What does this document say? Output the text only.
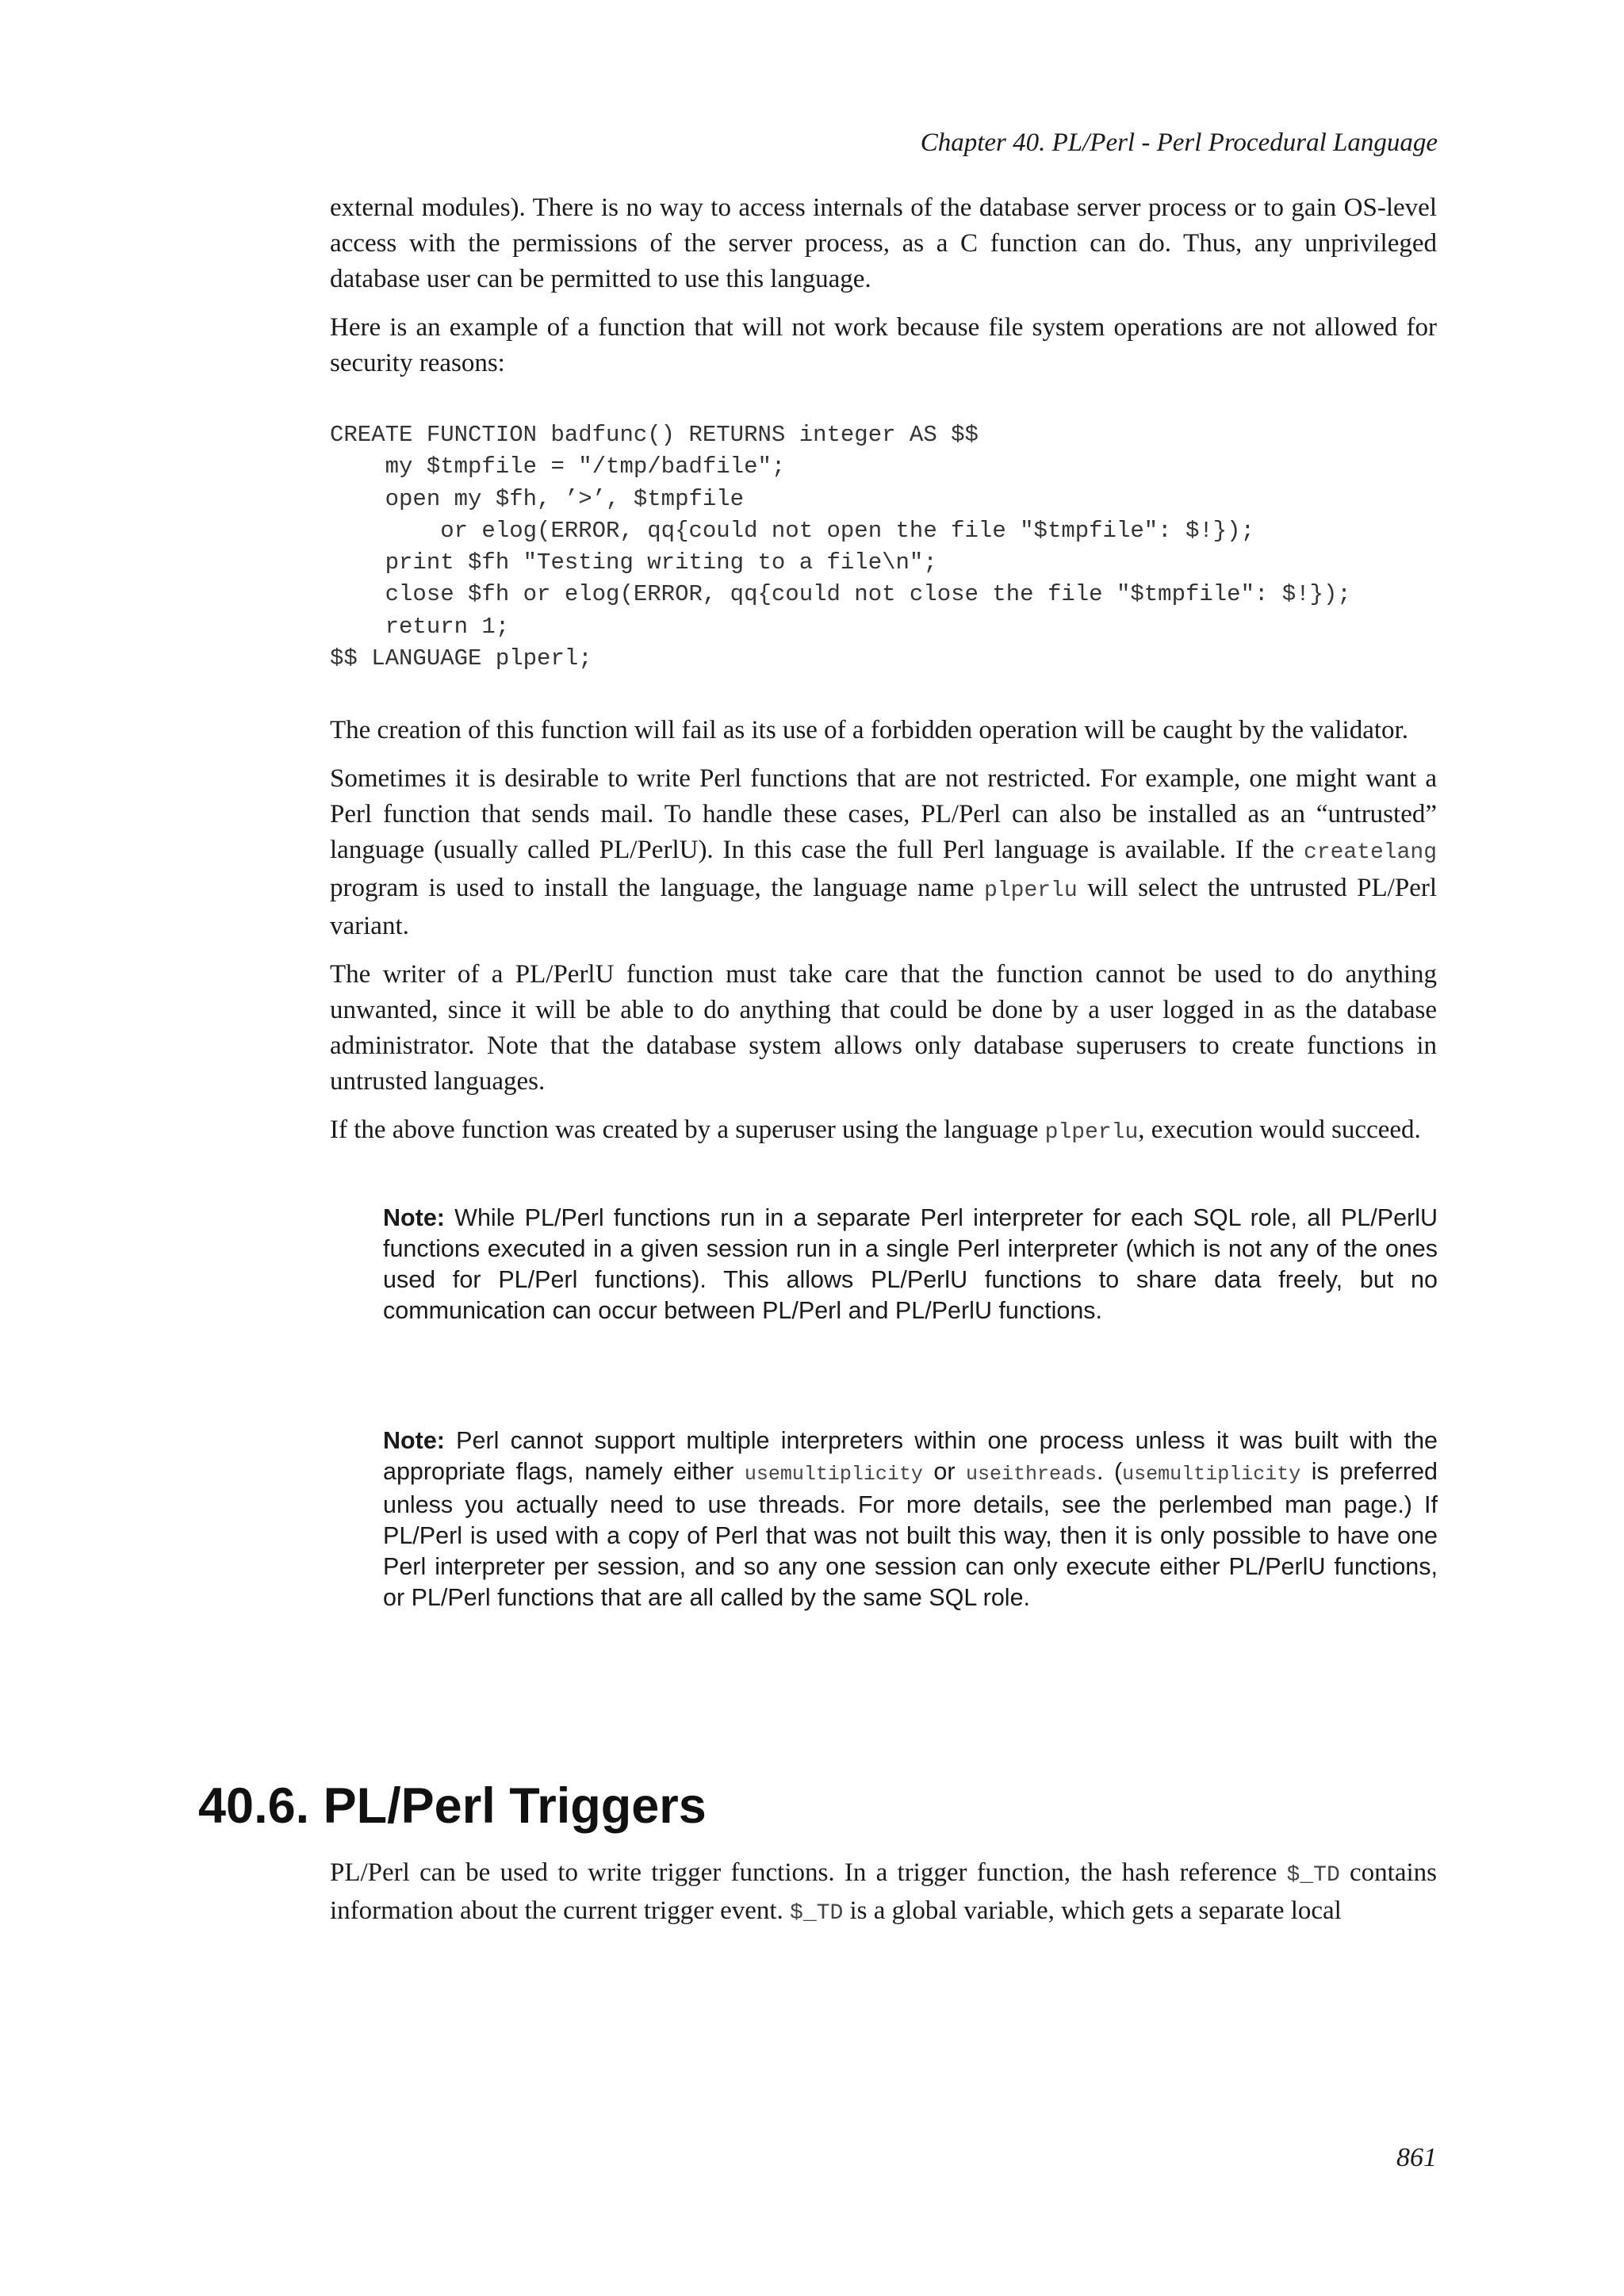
Chapter 40. PL/Perl - Perl Procedural Language

external modules). There is no way to access internals of the database server process or to gain OS-level access with the permissions of the server process, as a C function can do. Thus, any unprivileged database user can be permitted to use this language.

Here is an example of a function that will not work because file system operations are not allowed for security reasons:

CREATE FUNCTION badfunc() RETURNS integer AS $$
my $tmpfile = "/tmp/badfile";
open my $fh, ’>’, $tmpfile
or elog(ERROR, qq{could not open the file "$tmpfile": $!});
print $fh "Testing writing to a file\n";
close $fh or elog(ERROR, qq{could not close the file "$tmpfile": $!});
return 1;
$$ LANGUAGE plperl;

The creation of this function will fail as its use of a forbidden operation will be caught by the validator.

Sometimes it is desirable to write Perl functions that are not restricted. For example, one might want a Perl function that sends mail. To handle these cases, PL/Perl can also be installed as an “untrusted” language (usually called PL/PerlU). In this case the full Perl language is available. If the createlang program is used to install the language, the language name plperlu will select the untrusted PL/Perl variant.

The writer of a PL/PerlU function must take care that the function cannot be used to do anything unwanted, since it will be able to do anything that could be done by a user logged in as the database administrator. Note that the database system allows only database superusers to create functions in untrusted languages.

If the above function was created by a superuser using the language plperlu, execution would succeed.

Note: While PL/Perl functions run in a separate Perl interpreter for each SQL role, all PL/PerlU functions executed in a given session run in a single Perl interpreter (which is not any of the ones used for PL/Perl functions). This allows PL/PerlU functions to share data freely, but no communication can occur between PL/Perl and PL/PerlU functions.
Note: Perl cannot support multiple interpreters within one process unless it was built with the appropriate flags, namely either usemultiplicity or useithreads. (usemultiplicity is preferred unless you actually need to use threads. For more details, see the perlembed man page.) If PL/Perl is used with a copy of Perl that was not built this way, then it is only possible to have one Perl interpreter per session, and so any one session can only execute either PL/PerlU functions, or PL/Perl functions that are all called by the same SQL role.
40.6. PL/Perl Triggers

PL/Perl can be used to write trigger functions. In a trigger function, the hash reference $_TD contains information about the current trigger event. $_TD is a global variable, which gets a separate local

861
